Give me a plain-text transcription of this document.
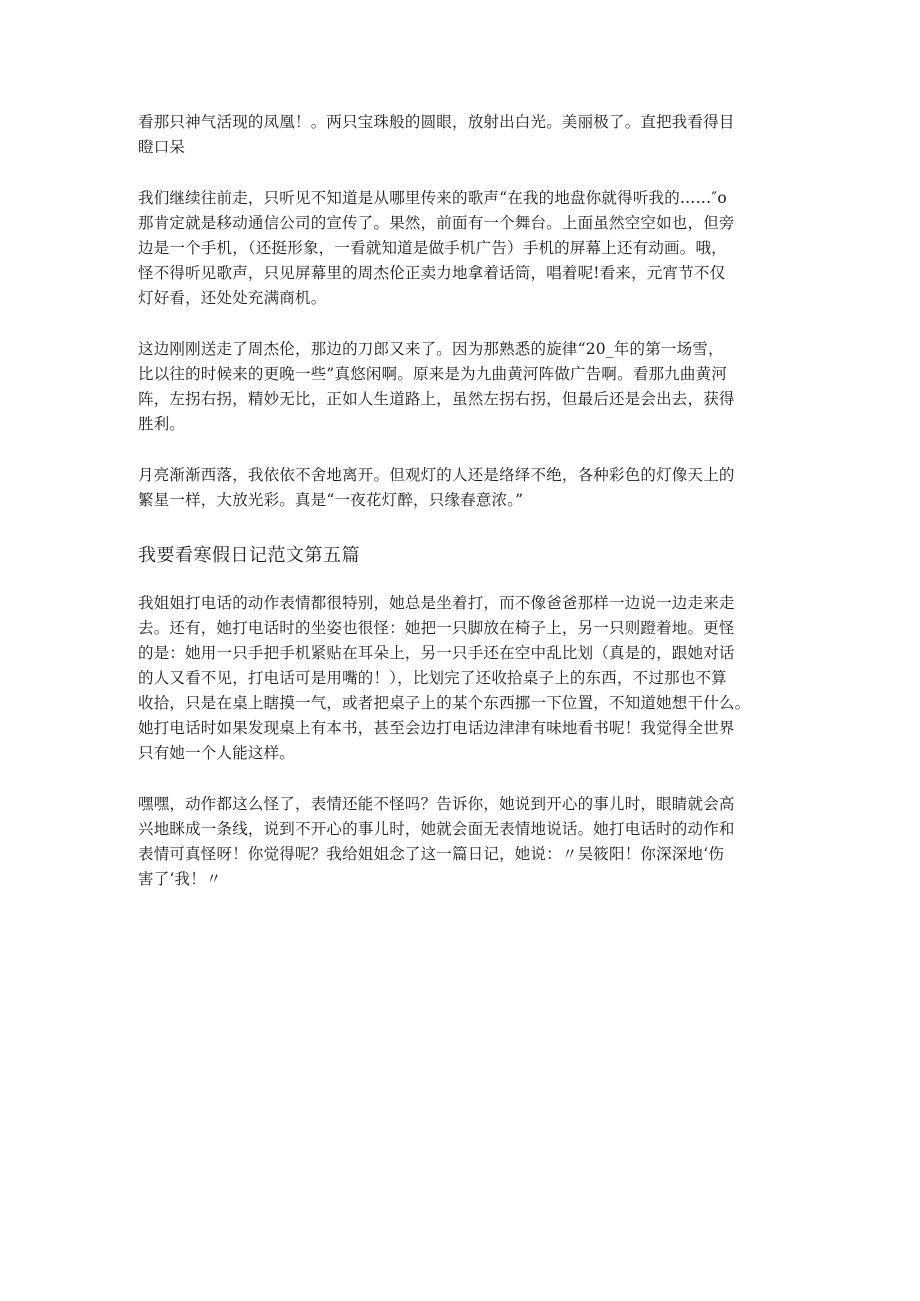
看那只神气活现的凤凰！。两只宝珠般的圆眼，放射出白光。美丽极了。直把我看得目
瞪口呆

我们继续往前走，只听见不知道是从哪里传来的歌声“在我的地盘你就得听我的……″o
那肯定就是移动通信公司的宣传了。果然，前面有一个舞台。上面虽然空空如也，但旁
边是一个手机，（还挺形象，一看就知道是做手机广告）手机的屏幕上还有动画。哦，
怪不得听见歌声，只见屏幕里的周杰伦正卖力地拿着话筒，唱着呢!看来，元宵节不仅
灯好看，还处处充满商机。

这边刚刚送走了周杰伦，那边的刀郎又来了。因为那熟悉的旋律“20_年的第一场雪，
比以往的时候来的更晚一些”真悠闲啊。原来是为九曲黄河阵做广告啊。看那九曲黄河
阵，左拐右拐，精妙无比，正如人生道路上，虽然左拐右拐，但最后还是会出去，获得
胜利。

月亮渐渐西落，我依依不舍地离开。但观灯的人还是络绎不绝，各种彩色的灯像天上的
繁星一样，大放光彩。真是“一夜花灯醉，只缘春意浓。”

我要看寒假日记范文第五篇

我姐姐打电话的动作表情都很特别，她总是坐着打，而不像爸爸那样一边说一边走来走
去。还有，她打电话时的坐姿也很怪：她把一只脚放在椅子上，另一只则蹬着地。更怪
的是：她用一只手把手机紧贴在耳朵上，另一只手还在空中乱比划（真是的，跟她对话
的人又看不见，打电话可是用嘴的！），比划完了还收拾桌子上的东西，不过那也不算
收拾，只是在桌上瞎摸一气，或者把桌子上的某个东西挪一下位置，不知道她想干什么。
她打电话时如果发现桌上有本书，甚至会边打电话边津津有味地看书呢！我觉得全世界
只有她一个人能这样。

嘿嘿，动作都这么怪了，表情还能不怪吗？告诉你，她说到开心的事儿时，眼睛就会高
兴地眯成一条线，说到不开心的事儿时，她就会面无表情地说话。她打电话时的动作和
表情可真怪呀！你觉得呢？我给姐姐念了这一篇日记，她说：〃吴筱阳！你深深地‘伤
害了‘我！〃
